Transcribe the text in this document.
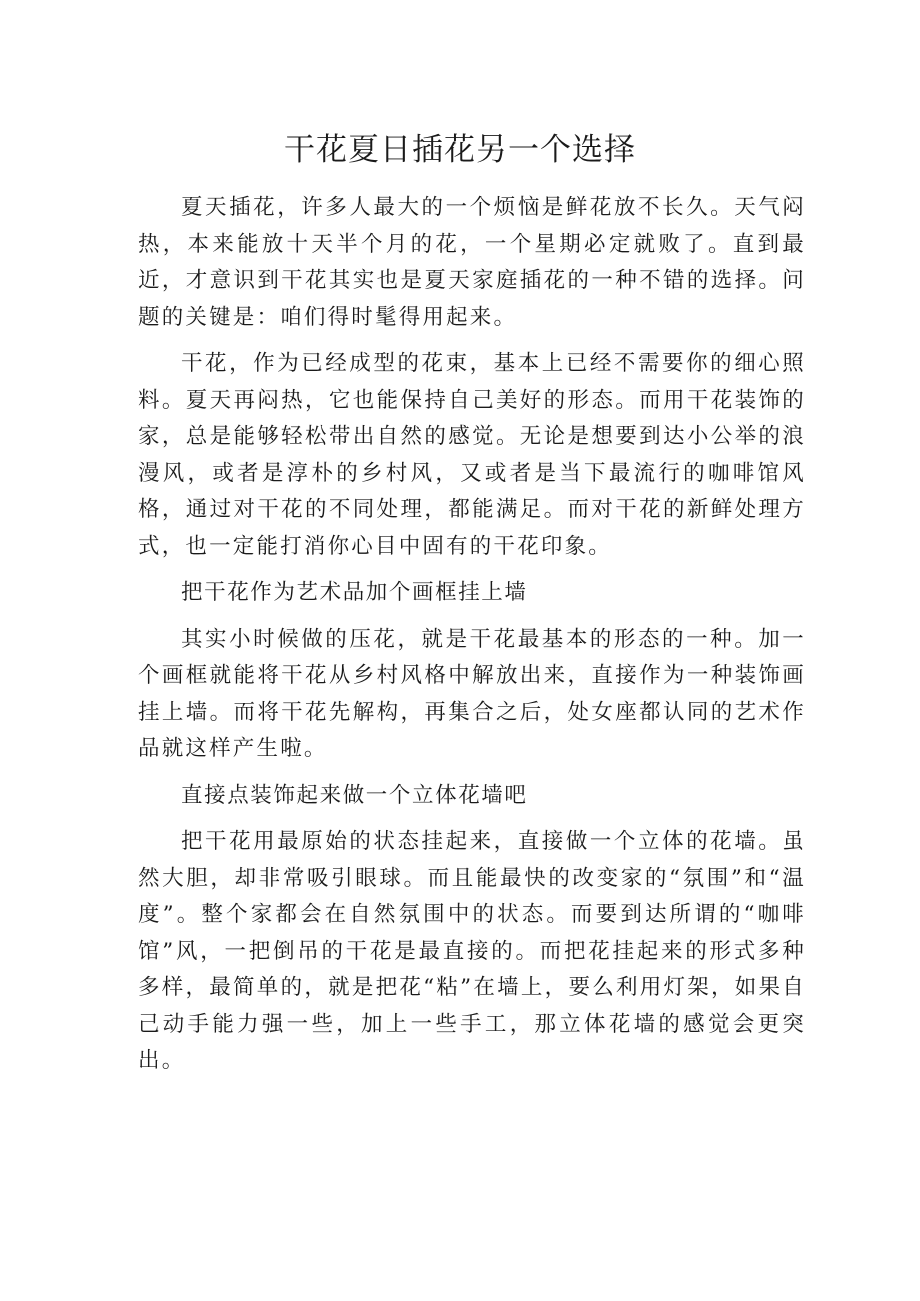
干花夏日插花另一个选择

夏天插花，许多人最大的一个烦恼是鲜花放不长久。天气闷热，本来能放十天半个月的花，一个星期必定就败了。直到最近，才意识到干花其实也是夏天家庭插花的一种不错的选择。问题的关键是：咱们得时髦得用起来。

干花，作为已经成型的花束，基本上已经不需要你的细心照料。夏天再闷热，它也能保持自己美好的形态。而用干花装饰的家，总是能够轻松带出自然的感觉。无论是想要到达小公举的浪漫风，或者是淳朴的乡村风，又或者是当下最流行的咖啡馆风格，通过对干花的不同处理，都能满足。而对干花的新鲜处理方式，也一定能打消你心目中固有的干花印象。

把干花作为艺术品加个画框挂上墙

其实小时候做的压花，就是干花最基本的形态的一种。加一个画框就能将干花从乡村风格中解放出来，直接作为一种装饰画挂上墙。而将干花先解构，再集合之后，处女座都认同的艺术作品就这样产生啦。

直接点装饰起来做一个立体花墙吧

把干花用最原始的状态挂起来，直接做一个立体的花墙。虽然大胆，却非常吸引眼球。而且能最快的改变家的“氛围”和“温度”。整个家都会在自然氛围中的状态。而要到达所谓的“咖啡馆”风，一把倒吊的干花是最直接的。而把花挂起来的形式多种多样，最简单的，就是把花“粘”在墙上，要么利用灯架，如果自己动手能力强一些，加上一些手工，那立体花墙的感觉会更突出。
